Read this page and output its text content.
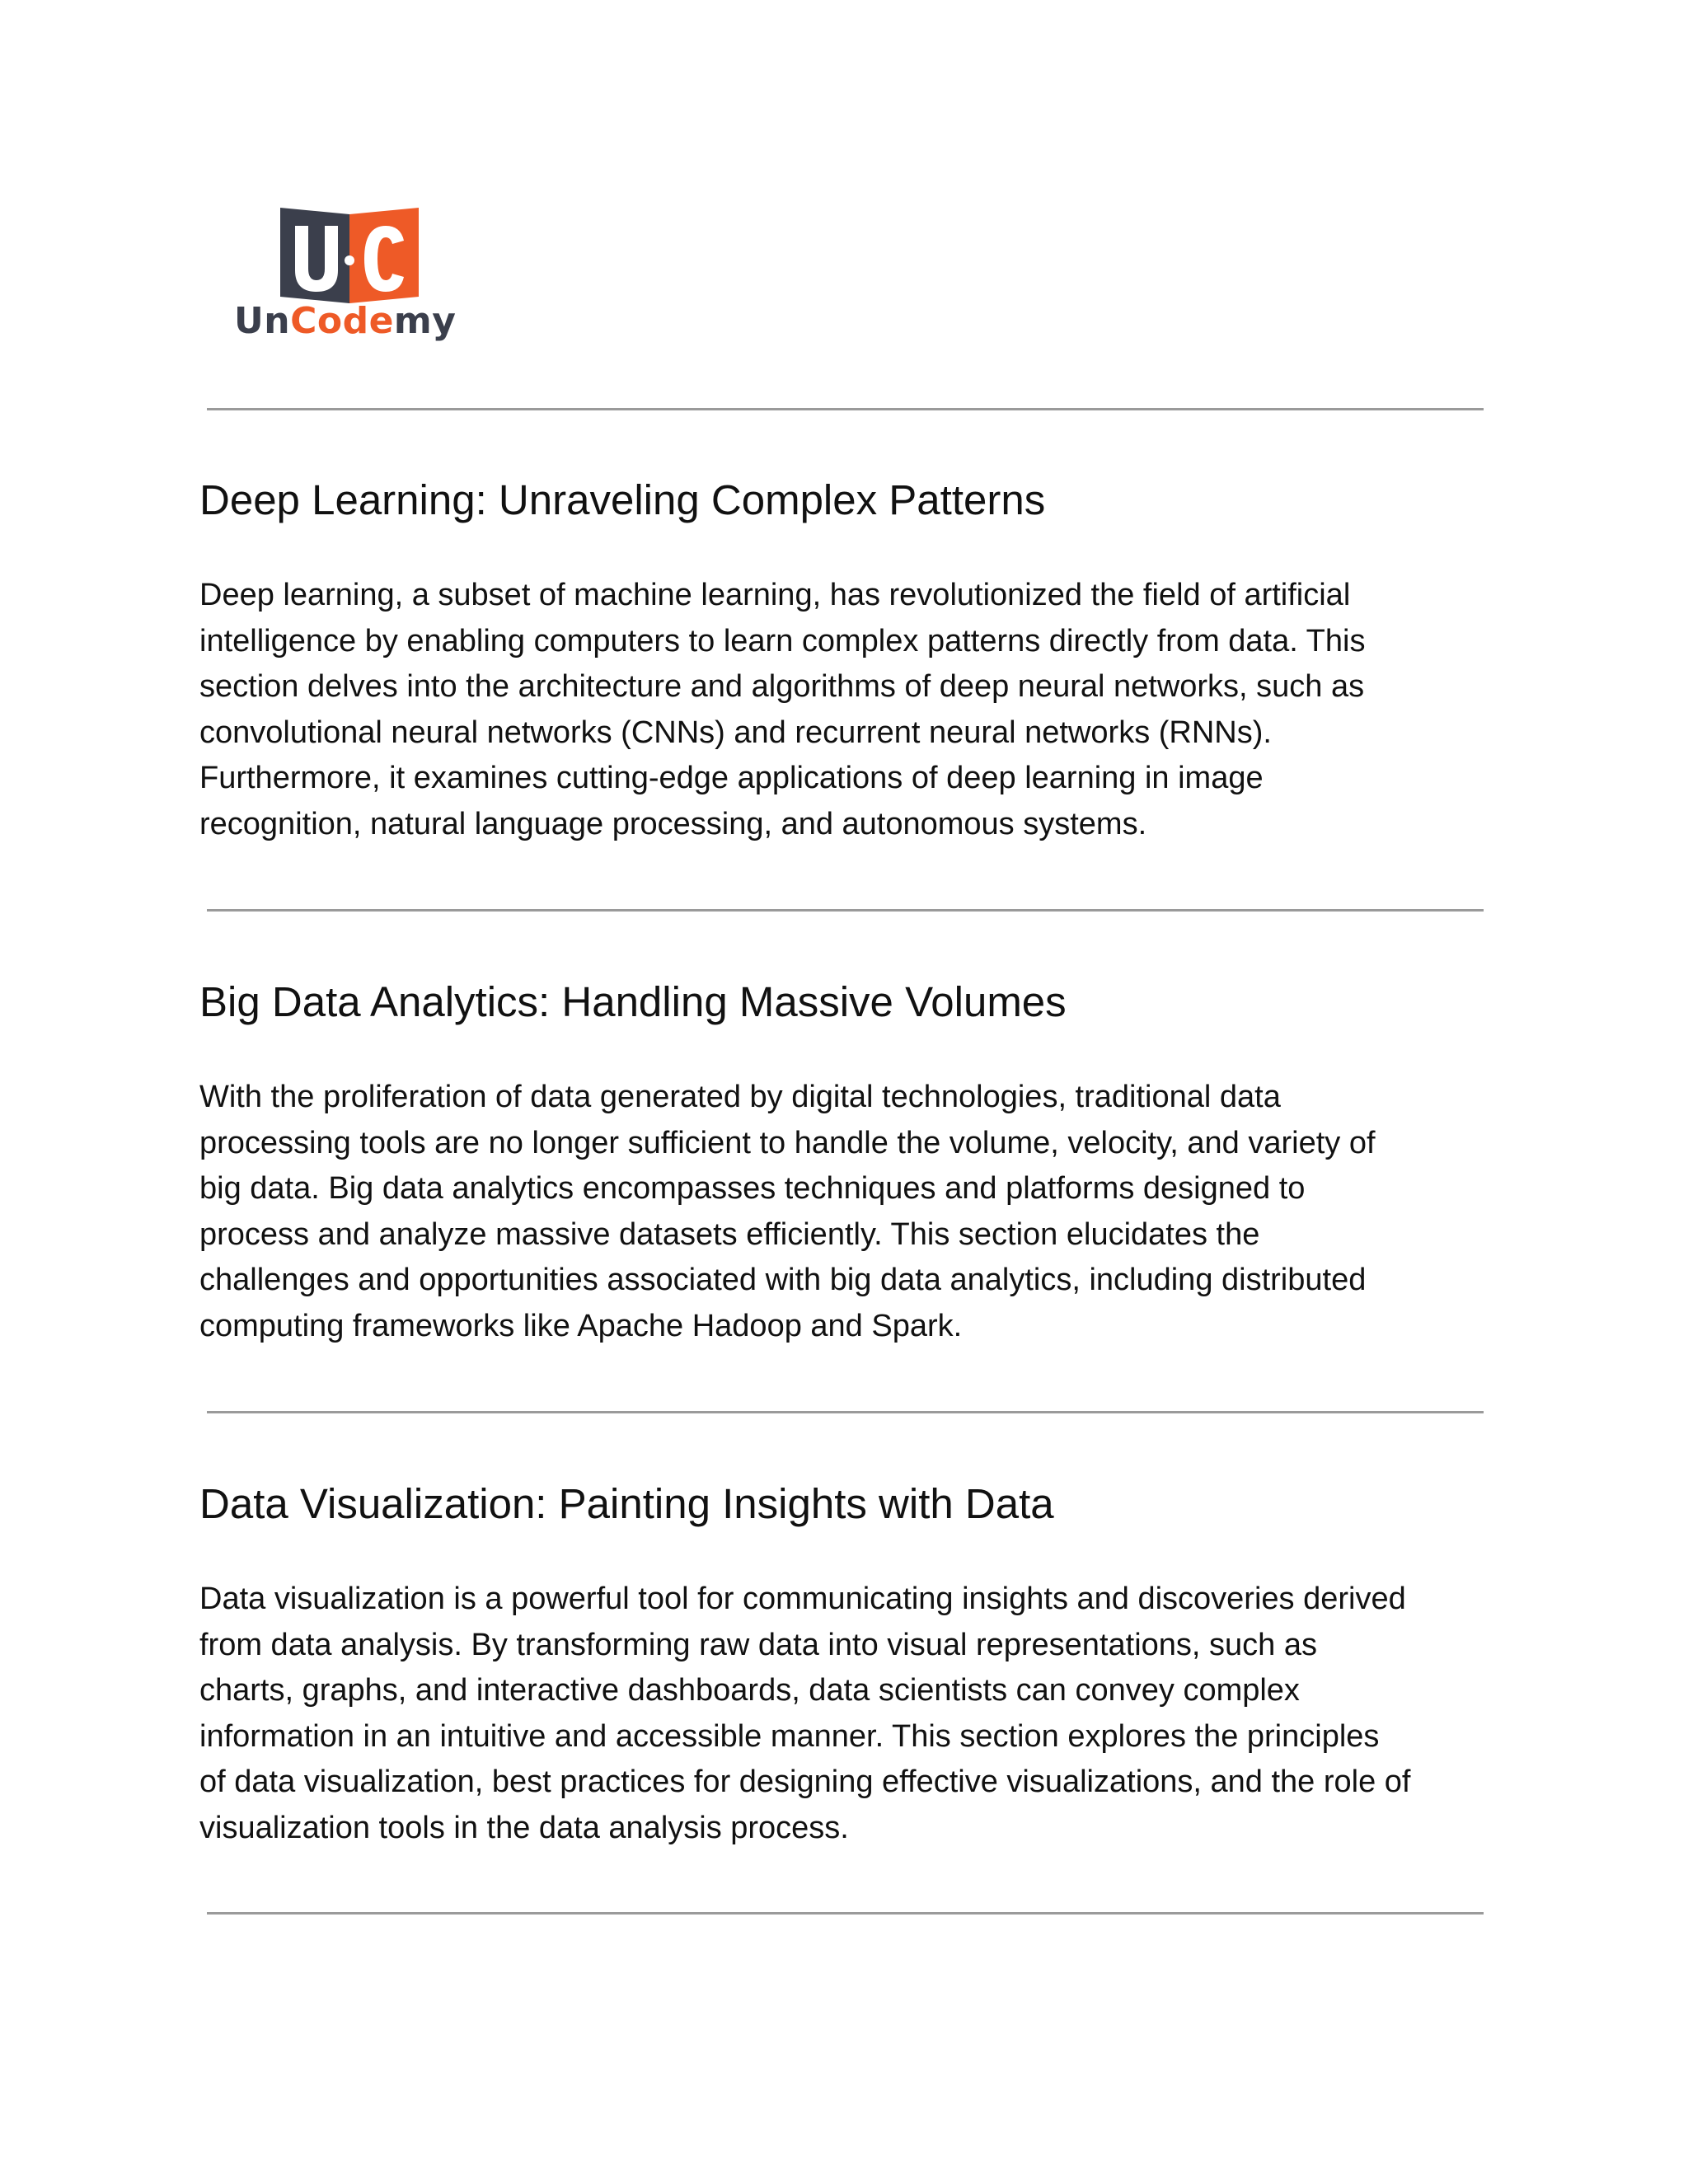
UnCodemy
Deep Learning: Unraveling Complex Patterns
Deep learning, a subset of machine learning, has revolutionized the field of artificial
intelligence by enabling computers to learn complex patterns directly from data. This
section delves into the architecture and algorithms of deep neural networks, such as
convolutional neural networks (CNNs) and recurrent neural networks (RNNs).
Furthermore, it examines cutting-edge applications of deep learning in image
recognition, natural language processing, and autonomous systems.
Big Data Analytics: Handling Massive Volumes
With the proliferation of data generated by digital technologies, traditional data
processing tools are no longer sufficient to handle the volume, velocity, and variety of
big data. Big data analytics encompasses techniques and platforms designed to
process and analyze massive datasets efficiently. This section elucidates the
challenges and opportunities associated with big data analytics, including distributed
computing frameworks like Apache Hadoop and Spark.
Data Visualization: Painting Insights with Data
Data visualization is a powerful tool for communicating insights and discoveries derived
from data analysis. By transforming raw data into visual representations, such as
charts, graphs, and interactive dashboards, data scientists can convey complex
information in an intuitive and accessible manner. This section explores the principles
of data visualization, best practices for designing effective visualizations, and the role of
visualization tools in the data analysis process.
